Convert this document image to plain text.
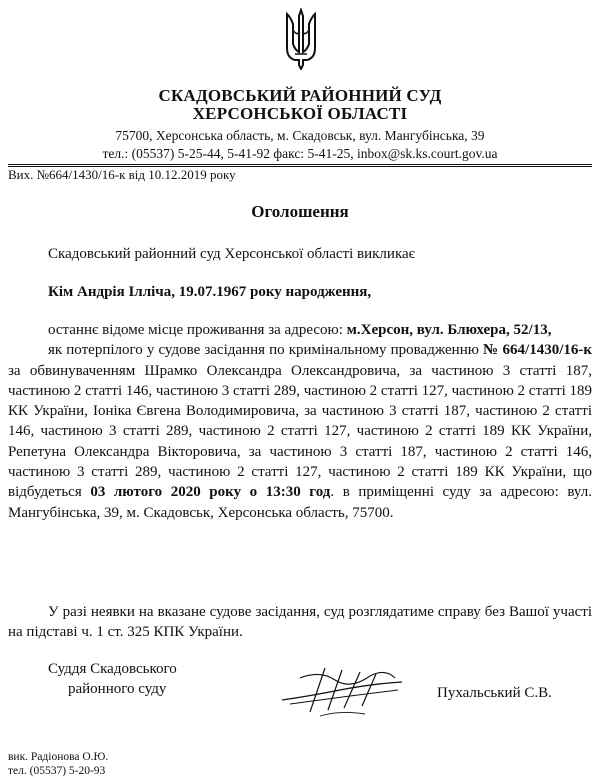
СКАДОВСЬКИЙ РАЙОННИЙ СУД
ХЕРСОНСЬКОЇ ОБЛАСТІ
75700, Херсонська область, м. Скадовськ, вул. Мангубінська, 39
тел.: (05537) 5-25-44, 5-41-92 факс: 5-41-25, inbox@sk.ks.court.gov.ua
Вих. №664/1430/16-к від 10.12.2019 року
Оголошення
Скадовський районний суд Херсонської області викликає
Кім Андрія Ілліча, 19.07.1967 року народження,

останнє відоме місце проживання за адресою: м.Херсон, вул. Блюхера, 52/13,

як потерпілого у судове засідання по кримінальному провадженню № 664/1430/16-к за обвинуваченням Шрамко Олександра Олександровича, за частиною 3 статті 187, частиною 2 статті 146, частиною 3 статті 289, частиною 2 статті 127, частиною 2 статті 189 КК України, Іоніка Євгена Володимировича, за частиною 3 статті 187, частиною 2 статті 146, частиною 3 статті 289, частиною 2 статті 127, частиною 2 статті 189 КК України, Репетуна Олександра Вікторовича, за частиною 3 статті 187, частиною 2 статті 146, частиною 3 статті 289, частиною 2 статті 127, частиною 2 статті 189 КК України, що відбудеться 03 лютого 2020 року о 13:30 год. в приміщенні суду за адресою: вул. Мангубінська, 39, м. Скадовськ, Херсонська область, 75700.

У разі неявки на вказане судове засідання, суд розглядатиме справу без Вашої участі на підставі ч. 1 ст. 325 КПК України.
Суддя Скадовського
районного суду	Пухальський С.В.
вик. Радіонова О.Ю.
тел. (05537) 5-20-93
